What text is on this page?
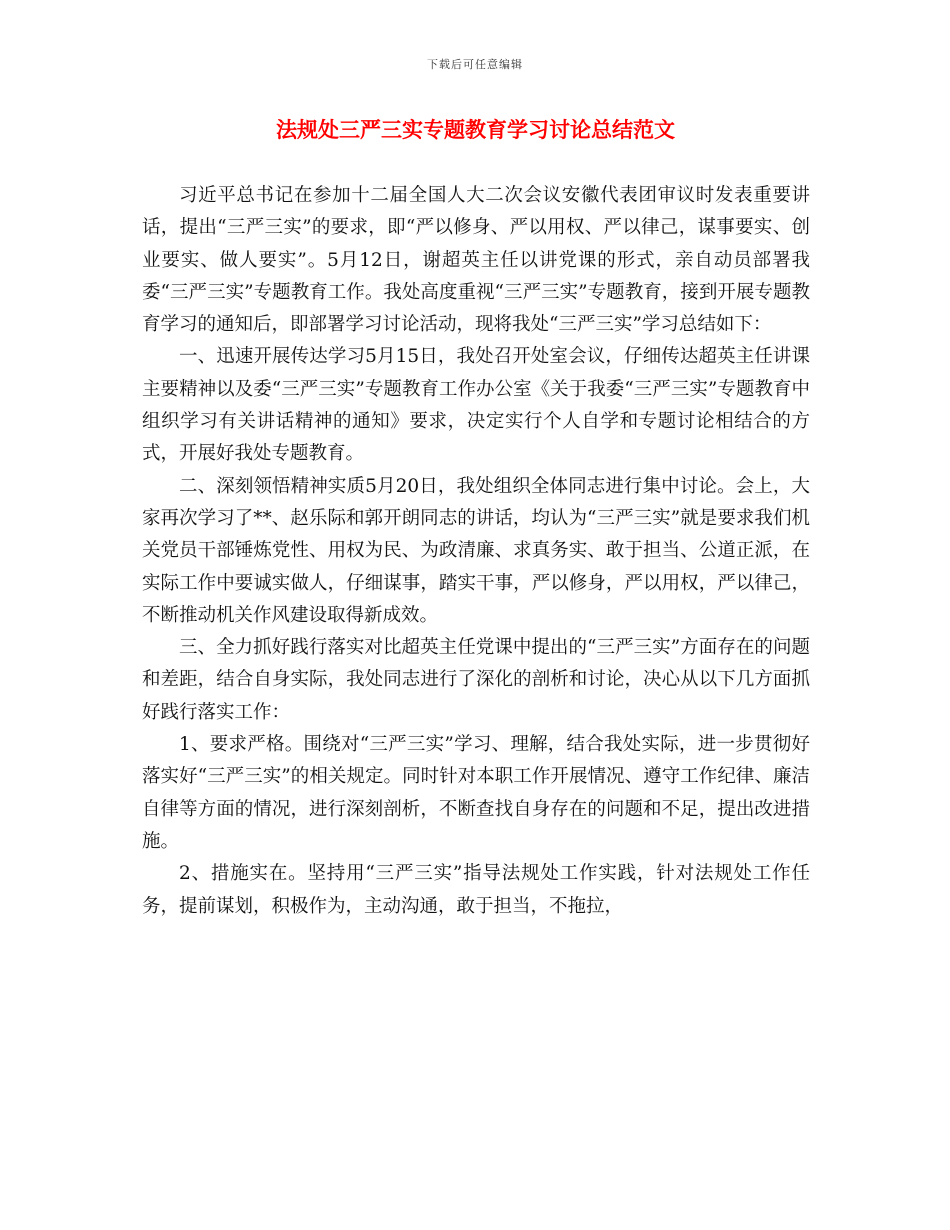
下载后可任意编辑
法规处三严三实专题教育学习讨论总结范文

习近平总书记在参加十二届全国人大二次会议安徽代表团审议时发表重要讲话，提出“三严三实”的要求，即“严以修身、严以用权、严以律己，谋事要实、创业要实、做人要实”。5月12日，谢超英主任以讲党课的形式，亲自动员部署我委“三严三实”专题教育工作。我处高度重视“三严三实”专题教育，接到开展专题教育学习的通知后，即部署学习讨论活动，现将我处“三严三实”学习总结如下：

一、迅速开展传达学习5月15日，我处召开处室会议，仔细传达超英主任讲课主要精神以及委“三严三实”专题教育工作办公室《关于我委“三严三实”专题教育中组织学习有关讲话精神的通知》要求，决定实行个人自学和专题讨论相结合的方式，开展好我处专题教育。

二、深刻领悟精神实质5月20日，我处组织全体同志进行集中讨论。会上，大家再次学习了**、赵乐际和郭开朗同志的讲话，均认为“三严三实”就是要求我们机关党员干部锤炼党性、用权为民、为政清廉、求真务实、敢于担当、公道正派，在实际工作中要诚实做人，仔细谋事，踏实干事，严以修身，严以用权，严以律己，不断推动机关作风建设取得新成效。

三、全力抓好践行落实对比超英主任党课中提出的“三严三实”方面存在的问题和差距，结合自身实际，我处同志进行了深化的剖析和讨论，决心从以下几方面抓好践行落实工作：

1、要求严格。围绕对“三严三实”学习、理解，结合我处实际，进一步贯彻好落实好“三严三实”的相关规定。同时针对本职工作开展情况、遵守工作纪律、廉洁自律等方面的情况，进行深刻剖析，不断查找自身存在的问题和不足，提出改进措施。

2、措施实在。坚持用“三严三实”指导法规处工作实践，针对法规处工作任务，提前谋划，积极作为，主动沟通，敢于担当，不拖拉，
